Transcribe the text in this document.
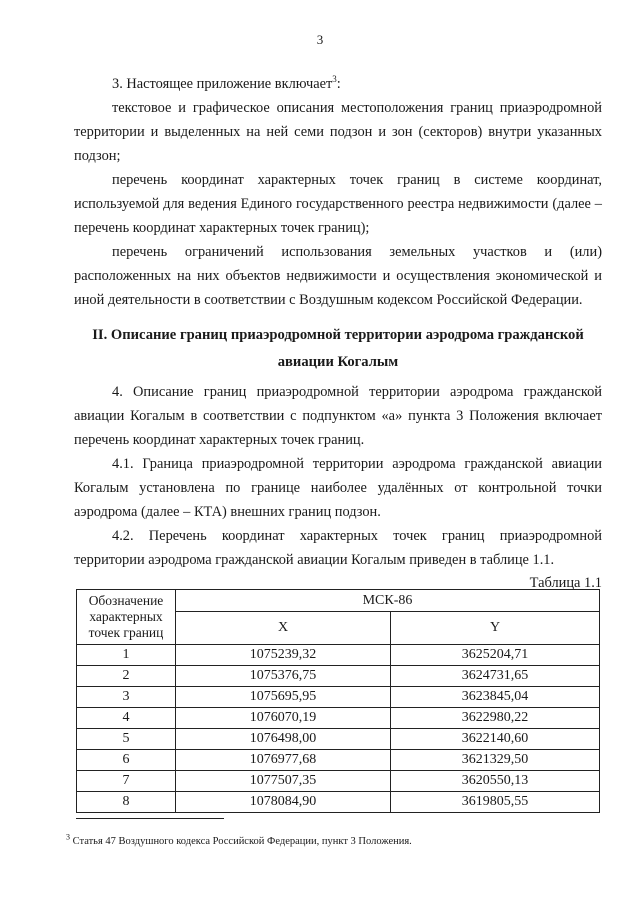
3

3. Настоящее приложение включает$^3$:

текстовое и графическое описания местоположения границ приаэродромной территории и выделенных на ней семи подзон и зон (секторов) внутри указанных подзон;

перечень координат характерных точек границ в системе координат, используемой для ведения Единого государственного реестра недвижимости (далее – перечень координат характерных точек границ);

перечень ограничений использования земельных участков и (или) расположенных на них объектов недвижимости и осуществления экономической и иной деятельности в соответствии с Воздушным кодексом Российской Федерации.

II. Описание границ приаэродромной территории аэродрома гражданской авиации Когалым

4. Описание границ приаэродромной территории аэродрома гражданской авиации Когалым в соответствии с подпунктом «а» пункта 3 Положения включает перечень координат характерных точек границ.

4.1. Граница приаэродромной территории аэродрома гражданской авиации Когалым установлена по границе наиболее удалённых от контрольной точки аэродрома (далее – КТА) внешних границ подзон.

4.2. Перечень координат характерных точек границ приаэродромной территории аэродрома гражданской авиации Когалым приведен в таблице 1.1.

Таблица 1.1

Обозначение характерных точек границ	МСК-86	
	X	Y
1	1075239,32	3625204,71
2	1075376,75	3624731,65
3	1075695,95	3623845,04
4	1076070,19	3622980,22
5	1076498,00	3622140,60
6	1076977,68	3621329,50
7	1077507,35	3620550,13
8	1078084,90	3619805,55
$^3$ Статья 47 Воздушного кодекса Российской Федерации, пункт 3 Положения.
